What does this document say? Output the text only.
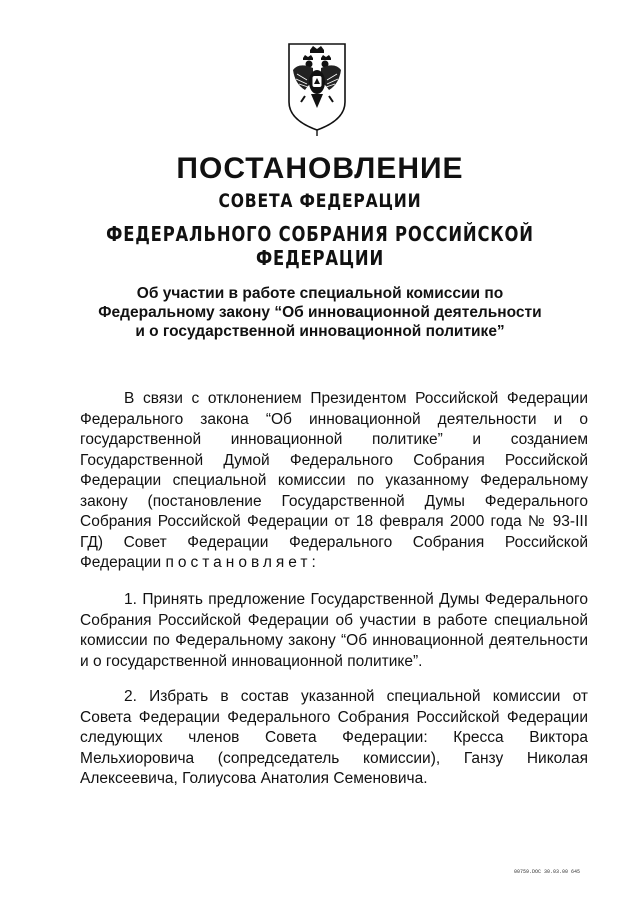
ПОСТАНОВЛЕНИЕ
СОВЕТА ФЕДЕРАЦИИ
ФЕДЕРАЛЬНОГО СОБРАНИЯ РОССИЙСКОЙ ФЕДЕРАЦИИ
Об участии в работе специальной комиссии по
Федеральному закону “Об инновационной деятельности
и о государственной инновационной политике”

В связи с отклонением Президентом Российской Федерации Федерального закона “Об инновационной деятельности и о государственной инновационной политике” и созданием Государственной Думой Федерального Собрания Российской Федерации специальной комиссии по указанному Федеральному закону (постановление Государственной Думы Федерального Собрания Российской Федерации от 18 февраля 2000 года № 93-III ГД) Совет Федерации Федерального Собрания Российской Федерации постановляет:

1. Принять предложение Государственной Думы Федерального Собрания Российской Федерации об участии в работе специальной комиссии по Федеральному закону “Об инновационной деятельности и о государственной инновационной политике”.

2. Избрать в состав указанной специальной комиссии от Совета Федерации Федерального Собрания Российской Федерации следующих членов Совета Федерации: Кресса Виктора Мельхиоровича (сопредседатель комиссии), Ганзу Николая Алексеевича, Голиусова Анатолия Семеновича.

00759.DOC 30.03.00 645
